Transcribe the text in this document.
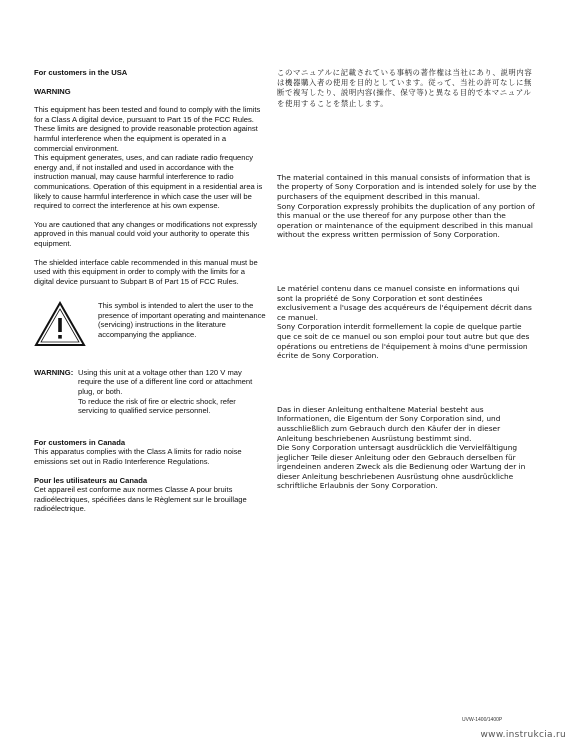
For customers in the USA

WARNING

This equipment has been tested and found to comply with the limits for a Class A digital device, pursuant to Part 15 of the FCC Rules. These limits are designed to provide reasonable protection against harmful interference when the equipment is operated in a commercial environment.

This equipment generates, uses, and can radiate radio frequency energy and, if not installed and used in accordance with the instruction manual, may cause harmful interference to radio communications. Operation of this equipment in a residential area is likely to cause harmful interference in which case the user will be required to correct the interference at his own expense.

You are cautioned that any changes or modifications not expressly approved in this manual could void your authority to operate this equipment.

The shielded interface cable recommended in this manual must be used with this equipment in order to comply with the limits for a digital device pursuant to Subpart B of Part 15 of FCC Rules.

This symbol is intended to alert the user to the presence of important operating and maintenance (servicing) instructions in the literature accompanying the appliance.

WARNING: Using this unit at a voltage other than 120 V may require the use of a different line cord or attachment plug, or both.

To reduce the risk of fire or electric shock, refer servicing to qualified service personnel.

For customers in Canada

This apparatus complies with the Class A limits for radio noise emissions set out in Radio Interference Regulations.

Pour les utilisateurs au Canada

Cet appareil est conforme aux normes Classe A pour bruits radioélectriques, spécifiées dans le Règlement sur le brouillage radioélectrique.

このマニュアルに記載されている事柄の著作権は当社にあり、説明内容は機器購入者の使用を目的としています。従って、当社の許可なしに無断で複写したり、説明内容(操作、保守等)と異なる目的で本マニュアルを使用することを禁止します。

The material contained in this manual consists of information that is the property of Sony Corporation and is intended solely for use by the purchasers of the equipment described in this manual.

Sony Corporation expressly prohibits the duplication of any portion of this manual or the use thereof for any purpose other than the operation or maintenance of the equipment described in this manual without the express written permission of Sony Corporation.

Le matériel contenu dans ce manuel consiste en informations qui sont la propriété de Sony Corporation et sont destinées exclusivement a l'usage des acquéreurs de l'équipement décrit dans ce manuel.

Sony Corporation interdit formellement la copie de quelque partie que ce soit de ce manuel ou son emploi pour tout autre but que des opérations ou entretiens de l'équipement à moins d'une permission écrite de Sony Corporation.

Das in dieser Anleitung enthaltene Material besteht aus Informationen, die Eigentum der Sony Corporation sind, und ausschließlich zum Gebrauch durch den Käufer der in dieser Anleitung beschriebenen Ausrüstung bestimmt sind.

Die Sony Corporation untersagt ausdrücklich die Vervielfältigung jeglicher Teile dieser Anleitung oder den Gebrauch derselben für irgendeinen anderen Zweck als die Bedienung oder Wartung der in dieser Anleitung beschriebenen Ausrüstung ohne ausdrückliche schriftliche Erlaubnis der Sony Corporation.

UVW-1400/1400P
www.instrukcia.ru
